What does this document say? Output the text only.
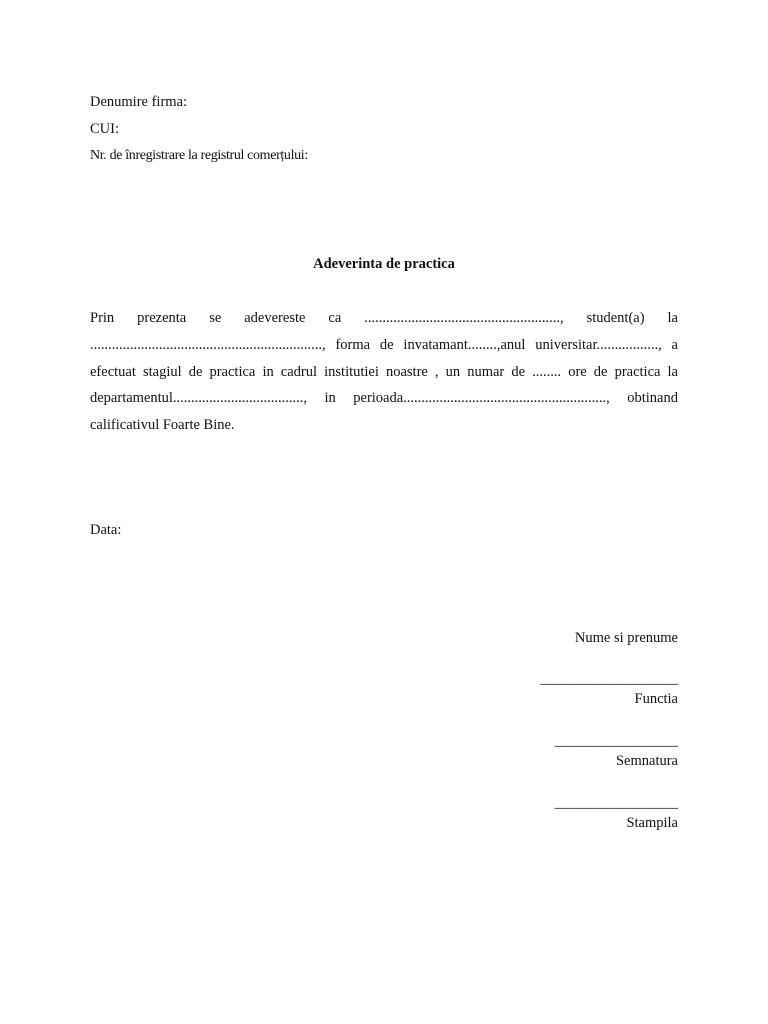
Denumire firma:
CUI:
Nr. de înregistrare la registrul comerțului:
Adeverinta de practica
Prin prezenta se adevereste ca ......................................................, student(a) la
................................................................, forma de invatamant........,anul universitar................., a
efectuat stagiul de practica in cadrul institutiei noastre , un numar de ........ ore de practica la
departamentul...................................., in perioada........................................................, obtinand
calificativul Foarte Bine.
Data:
Nume si prenume
___________________
Functia
_________________
Semnatura
_________________
Stampila
